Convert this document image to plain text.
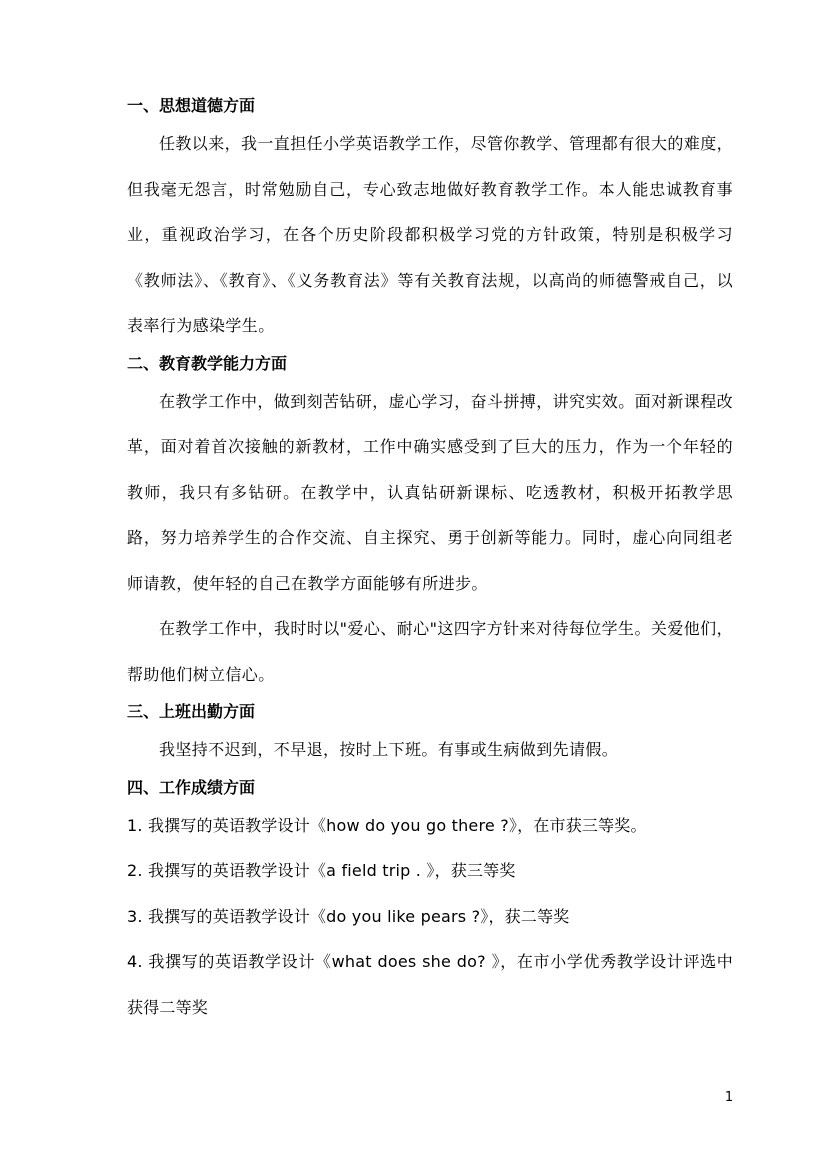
一、思想道德方面

任教以来，我一直担任小学英语教学工作，尽管你教学、管理都有很大的难度，但我毫无怨言，时常勉励自己，专心致志地做好教育教学工作。本人能忠诚教育事业，重视政治学习，在各个历史阶段都积极学习党的方针政策，特别是积极学习《教师法》、《教育》、《义务教育法》等有关教育法规，以高尚的师德警戒自己，以表率行为感染学生。

二、教育教学能力方面

在教学工作中，做到刻苦钻研，虚心学习，奋斗拼搏，讲究实效。面对新课程改革，面对着首次接触的新教材，工作中确实感受到了巨大的压力，作为一个年轻的教师，我只有多钻研。在教学中，认真钻研新课标、吃透教材，积极开拓教学思路，努力培养学生的合作交流、自主探究、勇于创新等能力。同时，虚心向同组老师请教，使年轻的自己在教学方面能够有所进步。

在教学工作中，我时时以"爱心、耐心"这四字方针来对待每位学生。关爱他们，帮助他们树立信心。

三、上班出勤方面

我坚持不迟到，不早退，按时上下班。有事或生病做到先请假。

四、工作成绩方面

1. 我撰写的英语教学设计《how do you go there ?》，在市获三等奖。

2. 我撰写的英语教学设计《a field trip . 》，获三等奖

3. 我撰写的英语教学设计《do you like pears ?》，获二等奖

4. 我撰写的英语教学设计《what does she do? 》，在市小学优秀教学设计评选中获得二等奖

1
